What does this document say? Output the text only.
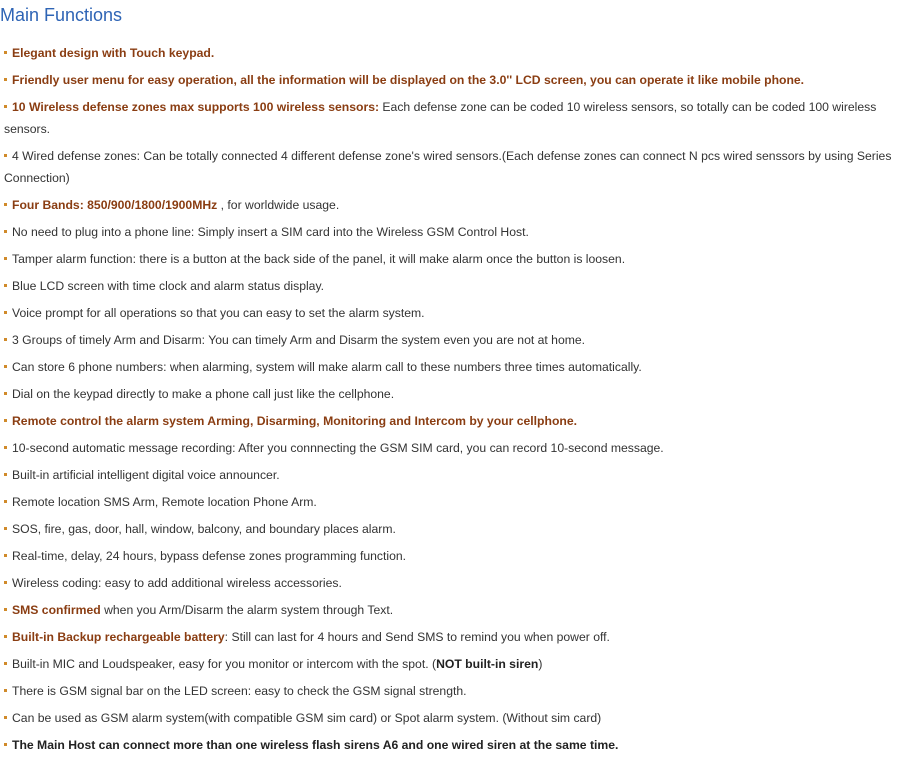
Main Functions
Elegant design with Touch keypad.
Friendly user menu for easy operation, all the information will be displayed on the 3.0'' LCD screen, you can operate it like mobile phone.
10 Wireless defense zones max supports 100 wireless sensors: Each defense zone can be coded 10 wireless sensors, so totally can be coded 100 wireless sensors.
4 Wired defense zones: Can be totally connected 4 different defense zone's wired sensors.(Each defense zones can connect N pcs wired senssors by using Series Connection)
Four Bands: 850/900/1800/1900MHz , for worldwide usage.
No need to plug into a phone line: Simply insert a SIM card into the Wireless GSM Control Host.
Tamper alarm function: there is a button at the back side of the panel, it will make alarm once the button is loosen.
Blue LCD screen with time clock and alarm status display.
Voice prompt for all operations so that you can easy to set the alarm system.
3 Groups of timely Arm and Disarm: You can timely Arm and Disarm the system even you are not at home.
Can store 6 phone numbers: when alarming, system will make alarm call to these numbers three times automatically.
Dial on the keypad directly to make a phone call just like the cellphone.
Remote control the alarm system Arming, Disarming, Monitoring and Intercom by your cellphone.
10-second automatic message recording: After you connnecting the GSM SIM card, you can record 10-second message.
Built-in artificial intelligent digital voice announcer.
Remote location SMS Arm, Remote location Phone Arm.
SOS, fire, gas, door, hall, window, balcony, and boundary places alarm.
Real-time, delay, 24 hours, bypass defense zones programming function.
Wireless coding: easy to add additional wireless accessories.
SMS confirmed when you Arm/Disarm the alarm system through Text.
Built-in Backup rechargeable battery: Still can last for 4 hours and Send SMS to remind you when power off.
Built-in MIC and Loudspeaker, easy for you monitor or intercom with the spot. (NOT built-in siren)
There is GSM signal bar on the LED screen: easy to check the GSM signal strength.
Can be used as GSM alarm system(with compatible GSM sim card) or Spot alarm system. (Without sim card)
The Main Host can connect more than one wireless flash sirens A6 and one wired siren at the same time.
